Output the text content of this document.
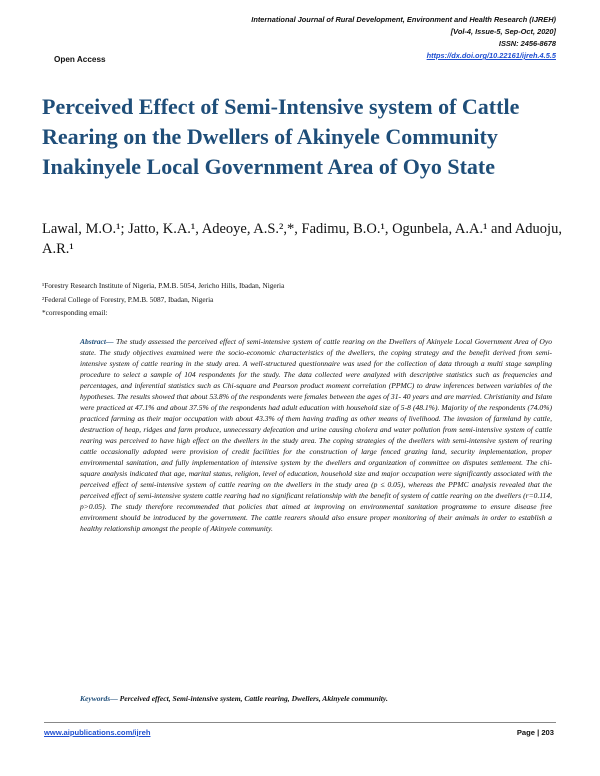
International Journal of Rural Development, Environment and Health Research (IJREH)
[Vol-4, Issue-5, Sep-Oct, 2020]
ISSN: 2456-8678
https://dx.doi.org/10.22161/ijreh.4.5.5
Open Access
Perceived Effect of Semi-Intensive system of Cattle Rearing on the Dwellers of Akinyele Community Inakinyele Local Government Area of Oyo State
Lawal, M.O.¹; Jatto, K.A.¹, Adeoye, A.S.²,*, Fadimu, B.O.¹, Ogunbela, A.A.¹ and Aduoju, A.R.¹
¹Forestry Research Institute of Nigeria, P.M.B. 5054, Jericho Hills, Ibadan, Nigeria
²Federal College of Forestry, P.M.B. 5087, Ibadan, Nigeria
*corresponding email:

Abstract— The study assessed the perceived effect of semi-intensive system of cattle rearing on the Dwellers of Akinyele Local Government Area of Oyo state. The study objectives examined were the socio-economic characteristics of the dwellers, the coping strategy and the benefit derived from semi-intensive system of cattle rearing in the study area. A well-structured questionnaire was used for the collection of data through a multi stage sampling procedure to select a sample of 104 respondents for the study. The data collected were analyzed with descriptive statistics such as frequencies and percentages, and inferential statistics such as Chi-square and Pearson product moment correlation (PPMC) to draw inferences between variables of the hypotheses. The results showed that about 53.8% of the respondents were females between the ages of 31- 40 years and are married. Christianity and Islam were practiced at 47.1% and about 37.5% of the respondents had adult education with household size of 5-8 (48.1%). Majority of the respondents (74.0%) practiced farming as their major occupation with about 43.3% of them having trading as other means of livelihood. The invasion of farmland by cattle, destruction of heap, ridges and farm produce, unnecessary defecation and urine causing cholera and water pollution from semi-intensive system of cattle rearing was perceived to have high effect on the dwellers in the study area. The coping strategies of the dwellers with semi-intensive system of rearing cattle occasionally adopted were provision of credit facilities for the construction of large fenced grazing land, security implementation, proper environmental sanitation, and fully implementation of intensive system by the dwellers and organization of committee on disputes settlement. The chi-square analysis indicated that age, marital status, religion, level of education, household size and major occupation were significantly associated with the perceived effect of semi-intensive system of cattle rearing on the dwellers in the study area (p ≤ 0.05), whereas the PPMC analysis revealed that the perceived effect of semi-intensive system cattle rearing had no significant relationship with the benefit of system of cattle rearing on the dwellers (r=0.114, p>0.05). The study therefore recommended that policies that aimed at improving on environmental sanitation programme to ensure disease free environment should be introduced by the government. The cattle rearers should also ensure proper monitoring of their animals in order to establish a healthy relationship amongst the people of Akinyele community.

Keywords— Perceived effect, Semi-intensive system, Cattle rearing, Dwellers, Akinyele community.
www.aipublications.com/ijreh	Page | 203
